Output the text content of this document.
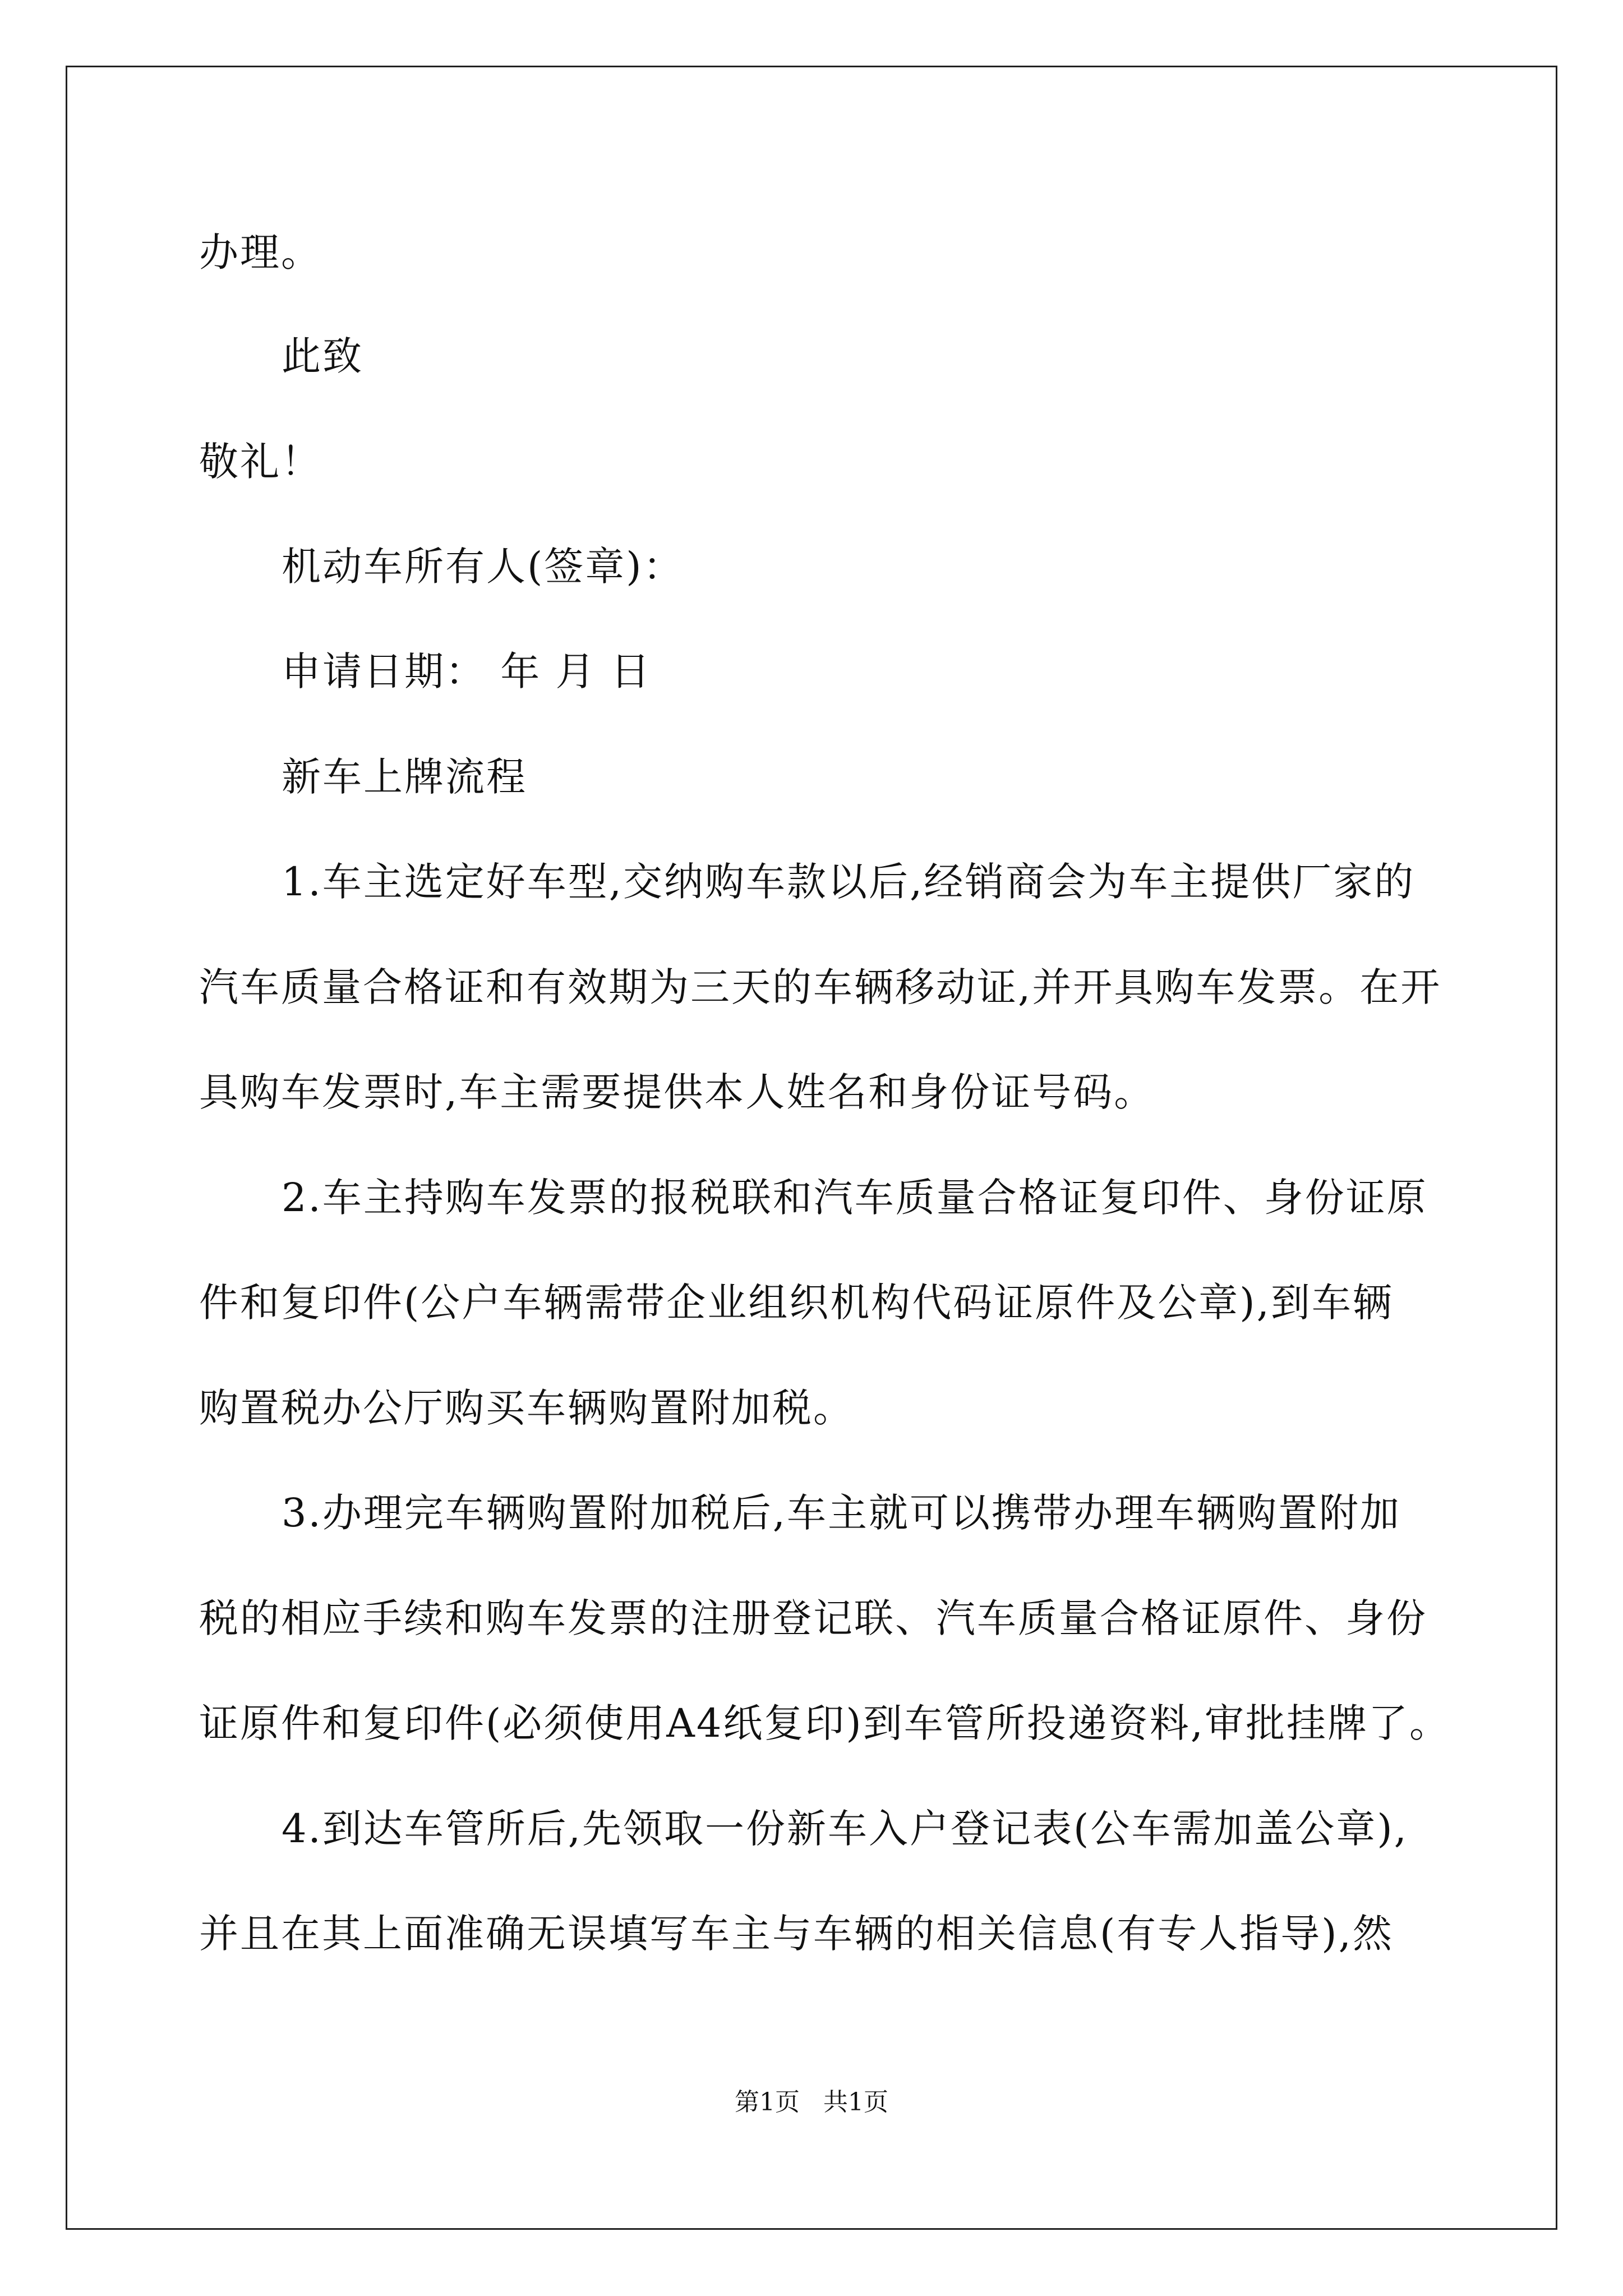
办理。
此致
敬礼！
机动车所有人(签章)：
申请日期： 年 月 日
新车上牌流程
1.车主选定好车型,交纳购车款以后,经销商会为车主提供厂家的
汽车质量合格证和有效期为三天的车辆移动证,并开具购车发票。在开
具购车发票时,车主需要提供本人姓名和身份证号码。
2.车主持购车发票的报税联和汽车质量合格证复印件、身份证原
件和复印件(公户车辆需带企业组织机构代码证原件及公章),到车辆
购置税办公厅购买车辆购置附加税。
3.办理完车辆购置附加税后,车主就可以携带办理车辆购置附加
税的相应手续和购车发票的注册登记联、汽车质量合格证原件、身份
证原件和复印件(必须使用A4纸复印)到车管所投递资料,审批挂牌了。
4.到达车管所后,先领取一份新车入户登记表(公车需加盖公章),
并且在其上面准确无误填写车主与车辆的相关信息(有专人指导),然
第1页   共1页
